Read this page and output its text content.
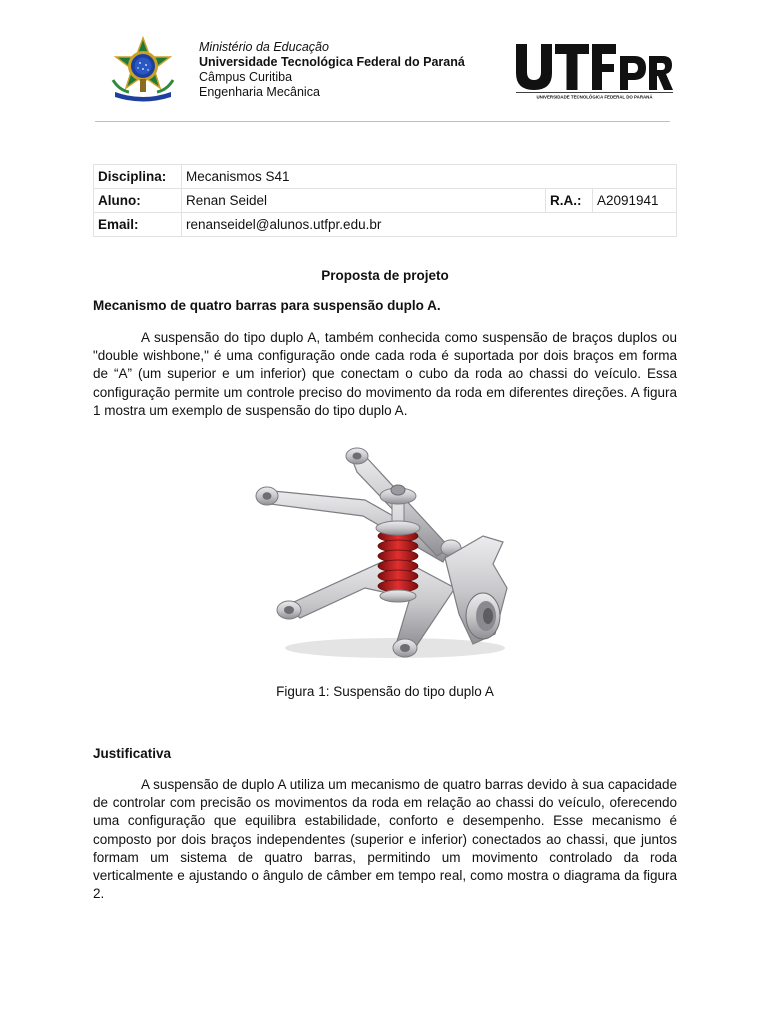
Ministério da Educação
Universidade Tecnológica Federal do Paraná
Câmpus Curitiba
Engenharia Mecânica	UNIVERSIDADE TECNOLÓGICA FEDERAL DO PARANÁ
Disciplina:	Mecanismos S41		
Aluno:	Renan Seidel	R.A.:	A2091941
Email:	renanseidel@alunos.utfpr.edu.br		
Proposta de projeto
Mecanismo de quatro barras para suspensão duplo A.

A suspensão do tipo duplo A, também conhecida como suspensão de braços duplos ou "double wishbone," é uma configuração onde cada roda é suportada por dois braços em forma de “A” (um superior e um inferior) que conectam o cubo da roda ao chassi do veículo. Essa configuração permite um controle preciso do movimento da roda em diferentes direções. A figura 1 mostra um exemplo de suspensão do tipo duplo A.

Figura 1: Suspensão do tipo duplo A
Justificativa

A suspensão de duplo A utiliza um mecanismo de quatro barras devido à sua capacidade de controlar com precisão os movimentos da roda em relação ao chassi do veículo, oferecendo uma configuração que equilibra estabilidade, conforto e desempenho. Esse mecanismo é composto por dois braços independentes (superior e inferior) conectados ao chassi, que juntos formam um sistema de quatro barras, permitindo um movimento controlado da roda verticalmente e ajustando o ângulo de câmber em tempo real, como mostra o diagrama da figura 2.
